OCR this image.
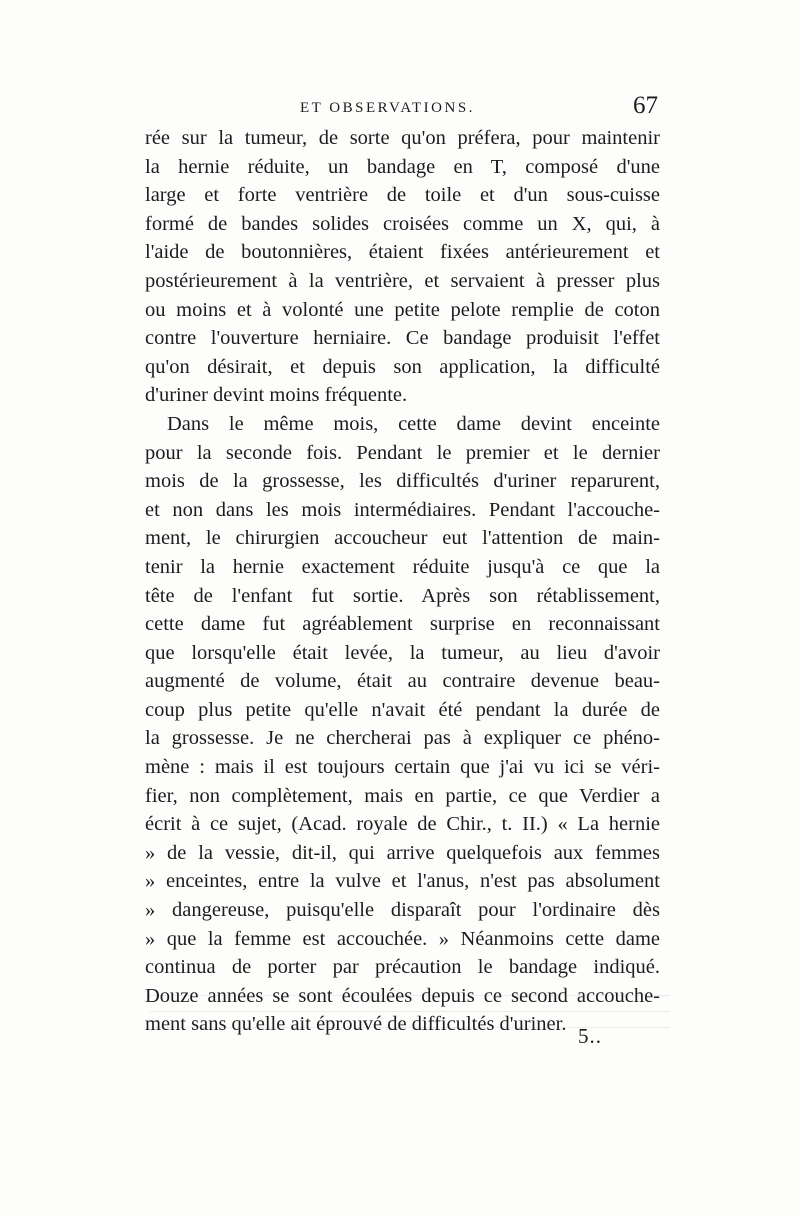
ET OBSERVATIONS.	67
rée sur la tumeur, de sorte qu'on préfera, pour maintenir
la hernie réduite, un bandage en T, composé d'une
large et forte ventrière de toile et d'un sous-cuisse
formé de bandes solides croisées comme un X, qui, à
l'aide de boutonnières, étaient fixées antérieurement et
postérieurement à la ventrière, et servaient à presser plus
ou moins et à volonté une petite pelote remplie de coton
contre l'ouverture herniaire. Ce bandage produisit l'effet
qu'on désirait, et depuis son application, la difficulté
d'uriner devint moins fréquente.
Dans le même mois, cette dame devint enceinte
pour la seconde fois. Pendant le premier et le dernier
mois de la grossesse, les difficultés d'uriner reparurent,
et non dans les mois intermédiaires. Pendant l'accouche-
ment, le chirurgien accoucheur eut l'attention de main-
tenir la hernie exactement réduite jusqu'à ce que la
tête de l'enfant fut sortie. Après son rétablissement,
cette dame fut agréablement surprise en reconnaissant
que lorsqu'elle était levée, la tumeur, au lieu d'avoir
augmenté de volume, était au contraire devenue beau-
coup plus petite qu'elle n'avait été pendant la durée de
la grossesse. Je ne chercherai pas à expliquer ce phéno-
mène : mais il est toujours certain que j'ai vu ici se véri-
fier, non complètement, mais en partie, ce que Verdier a
écrit à ce sujet, (Acad. royale de Chir., t. II.) « La hernie
» de la vessie, dit-il, qui arrive quelquefois aux femmes
» enceintes, entre la vulve et l'anus, n'est pas absolument
» dangereuse, puisqu'elle disparaît pour l'ordinaire dès
» que la femme est accouchée. » Néanmoins cette dame
continua de porter par précaution le bandage indiqué.
Douze années se sont écoulées depuis ce second accouche-
ment sans qu'elle ait éprouvé de difficultés d'uriner. 5..
